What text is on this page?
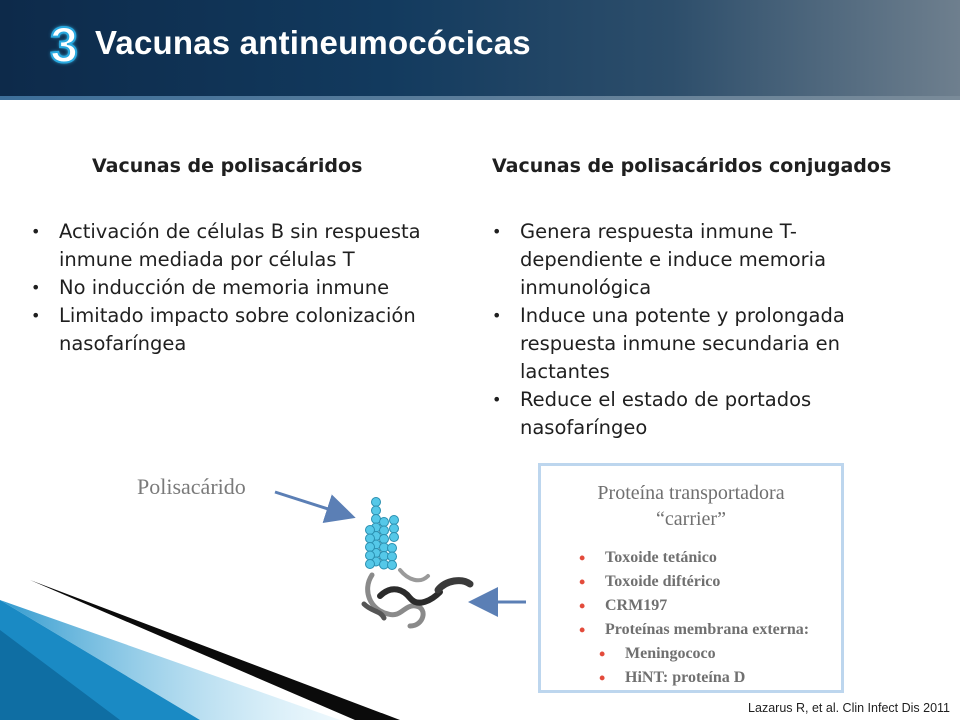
3 Vacunas antineumocócicas
Vacunas de polisacáridos
• Activación de células B sin respuesta inmune mediada por células T
• No inducción de memoria inmune
• Limitado impacto sobre colonización nasofaríngea
Vacunas de polisacáridos conjugados
• Genera respuesta inmune T-dependiente e induce memoria inmunológica
• Induce una potente y prolongada respuesta inmune secundaria en lactantes
• Reduce el estado de portados nasofaríngeo
Polisacárido	Proteína transportadora
“carrier”
• Toxoide tetánico
• Toxoide diftérico
• CRM197
• Proteínas membrana externa:
• Meningococo
• HiNT: proteína D
Lazarus R, et al. Clin Infect Dis 2011
